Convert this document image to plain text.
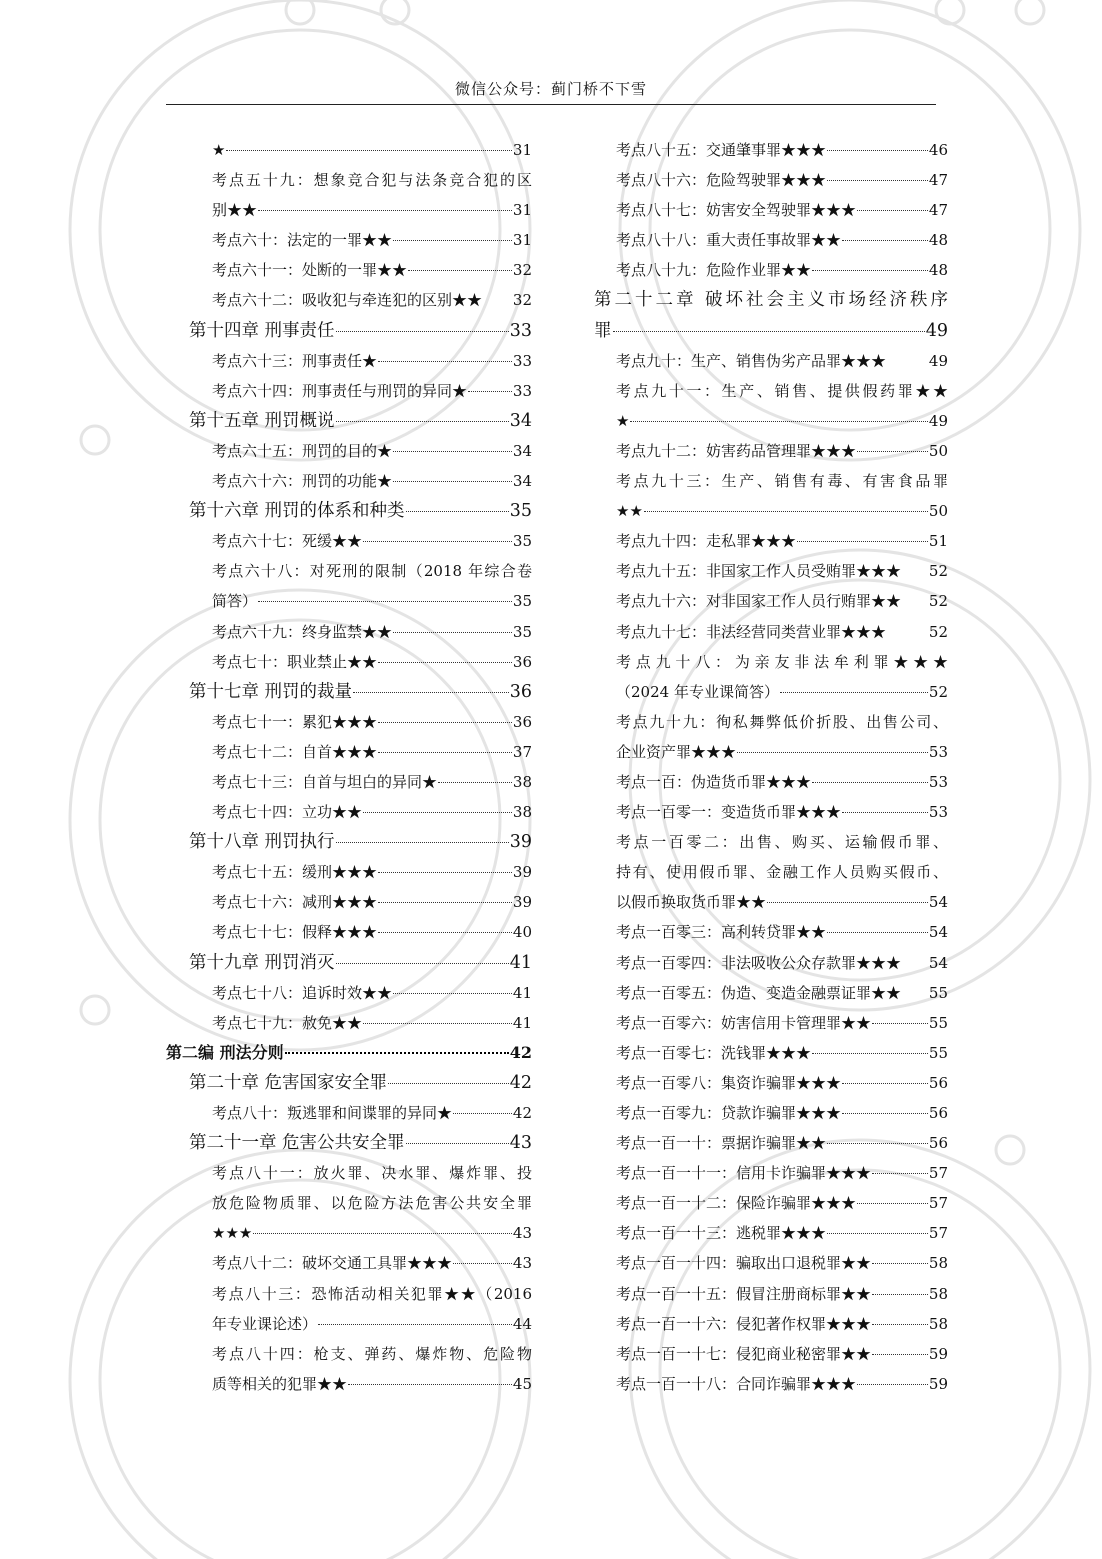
微信公众号：蓟门桥不下雪
★	31
考点五十九：想象竞合犯与法条竞合犯的区
别★★	31
考点六十：法定的一罪★★	31
考点六十一：处断的一罪★★	32
考点六十二：吸收犯与牵连犯的区别★★	32
第十四章 刑事责任	33
考点六十三：刑事责任★	33
考点六十四：刑事责任与刑罚的异同★	33
第十五章 刑罚概说	34
考点六十五：刑罚的目的★	34
考点六十六：刑罚的功能★	34
第十六章 刑罚的体系和种类	35
考点六十七：死缓★★	35
考点六十八：对死刑的限制（2018 年综合卷
简答）	35
考点六十九：终身监禁★★	35
考点七十：职业禁止★★	36
第十七章 刑罚的裁量	36
考点七十一：累犯★★★	36
考点七十二：自首★★★	37
考点七十三：自首与坦白的异同★	38
考点七十四：立功★★	38
第十八章 刑罚执行	39
考点七十五：缓刑★★★	39
考点七十六：减刑★★★	39
考点七十七：假释★★★	40
第十九章 刑罚消灭	41
考点七十八：追诉时效★★	41
考点七十九：赦免★★	41
第二编 刑法分则	42
第二十章 危害国家安全罪	42
考点八十：叛逃罪和间谍罪的异同★	42
第二十一章 危害公共安全罪	43
考点八十一：放火罪、决水罪、爆炸罪、投
放危险物质罪、以危险方法危害公共安全罪
★★★	43
考点八十二：破坏交通工具罪★★★	43
考点八十三：恐怖活动相关犯罪★★（2016
年专业课论述）	44
考点八十四：枪支、弹药、爆炸物、危险物
质等相关的犯罪★★	45
考点八十五：交通肇事罪★★★	46
考点八十六：危险驾驶罪★★★	47
考点八十七：妨害安全驾驶罪★★★	47
考点八十八：重大责任事故罪★★	48
考点八十九：危险作业罪★★	48
第二十二章 破坏社会主义市场经济秩序
罪	49
考点九十：生产、销售伪劣产品罪★★★	49
考点九十一：生产、销售、提供假药罪★★
★	49
考点九十二：妨害药品管理罪★★★	50
考点九十三：生产、销售有毒、有害食品罪
★★	50
考点九十四：走私罪★★★	51
考点九十五：非国家工作人员受贿罪★★★	52
考点九十六：对非国家工作人员行贿罪★★	52
考点九十七：非法经营同类营业罪★★★	52
考点九十八：为亲友非法牟利罪★★★
（2024 年专业课简答）	52
考点九十九：徇私舞弊低价折股、出售公司、
企业资产罪★★★	53
考点一百：伪造货币罪★★★	53
考点一百零一：变造货币罪★★★	53
考点一百零二：出售、购买、运输假币罪、
持有、使用假币罪、金融工作人员购买假币、
以假币换取货币罪★★	54
考点一百零三：高利转贷罪★★	54
考点一百零四：非法吸收公众存款罪★★★	54
考点一百零五：伪造、变造金融票证罪★★	55
考点一百零六：妨害信用卡管理罪★★	55
考点一百零七：洗钱罪★★★	55
考点一百零八：集资诈骗罪★★★	56
考点一百零九：贷款诈骗罪★★★	56
考点一百一十：票据诈骗罪★★	56
考点一百一十一：信用卡诈骗罪★★★	57
考点一百一十二：保险诈骗罪★★★	57
考点一百一十三：逃税罪★★★	57
考点一百一十四：骗取出口退税罪★★	58
考点一百一十五：假冒注册商标罪★★	58
考点一百一十六：侵犯著作权罪★★★	58
考点一百一十七：侵犯商业秘密罪★★	59
考点一百一十八：合同诈骗罪★★★	59
